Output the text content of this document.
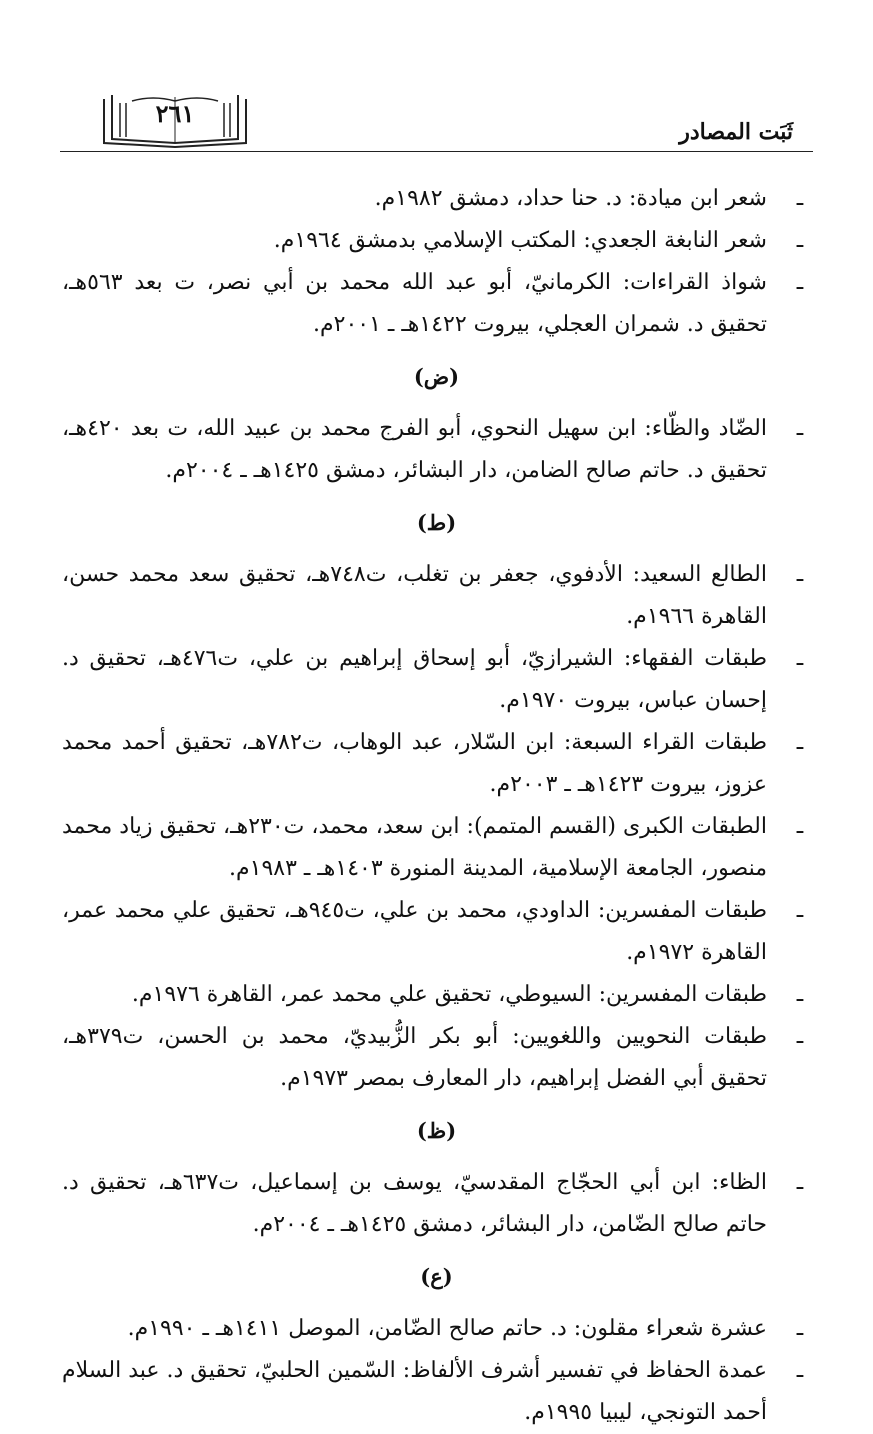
٢٦١
ثَبَت المصادر

ـ
شعر ابن ميادة: د. حنا حداد، دمشق ١٩٨٢م.

ـ
شعر النابغة الجعدي: المكتب الإسلامي بدمشق ١٩٦٤م.

ـ
شواذ القراءات: الكرمانيّ، أبو عبد الله محمد بن أبي نصر، ت بعد ٥٦٣هـ، تحقيق د. شمران العجلي، بيروت ١٤٢٢هـ ـ ٢٠٠١م.

(ض)

ـ
الضّاد والظّاء: ابن سهيل النحوي، أبو الفرج محمد بن عبيد الله، ت بعد ٤٢٠هـ، تحقيق د. حاتم صالح الضامن، دار البشائر، دمشق ١٤٢٥هـ ـ ٢٠٠٤م.

(ط)

ـ
الطالع السعيد: الأدفوي، جعفر بن تغلب، ت٧٤٨هـ، تحقيق سعد محمد حسن، القاهرة ١٩٦٦م.

ـ
طبقات الفقهاء: الشيرازيّ، أبو إسحاق إبراهيم بن علي، ت٤٧٦هـ، تحقيق د. إحسان عباس، بيروت ١٩٧٠م.

ـ
طبقات القراء السبعة: ابن السّلار، عبد الوهاب، ت٧٨٢هـ، تحقيق أحمد محمد عزوز، بيروت ١٤٢٣هـ ـ ٢٠٠٣م.

ـ
الطبقات الكبرى (القسم المتمم): ابن سعد، محمد، ت٢٣٠هـ، تحقيق زياد محمد منصور، الجامعة الإسلامية، المدينة المنورة ١٤٠٣هـ ـ ١٩٨٣م.

ـ
طبقات المفسرين: الداودي، محمد بن علي، ت٩٤٥هـ، تحقيق علي محمد عمر، القاهرة ١٩٧٢م.

ـ
طبقات المفسرين: السيوطي، تحقيق علي محمد عمر، القاهرة ١٩٧٦م.

ـ
طبقات النحويين واللغويين: أبو بكر الزُّبيديّ، محمد بن الحسن، ت٣٧٩هـ، تحقيق أبي الفضل إبراهيم، دار المعارف بمصر ١٩٧٣م.

(ظ)

ـ
الظاء: ابن أبي الحجّاج المقدسيّ، يوسف بن إسماعيل، ت٦٣٧هـ، تحقيق د. حاتم صالح الضّامن، دار البشائر، دمشق ١٤٢٥هـ ـ ٢٠٠٤م.

(ع)

ـ
عشرة شعراء مقلون: د. حاتم صالح الضّامن، الموصل ١٤١١هـ ـ ١٩٩٠م.

ـ
عمدة الحفاظ في تفسير أشرف الألفاظ: السّمين الحلبيّ، تحقيق د. عبد السلام أحمد التونجي، ليبيا ١٩٩٥م.
